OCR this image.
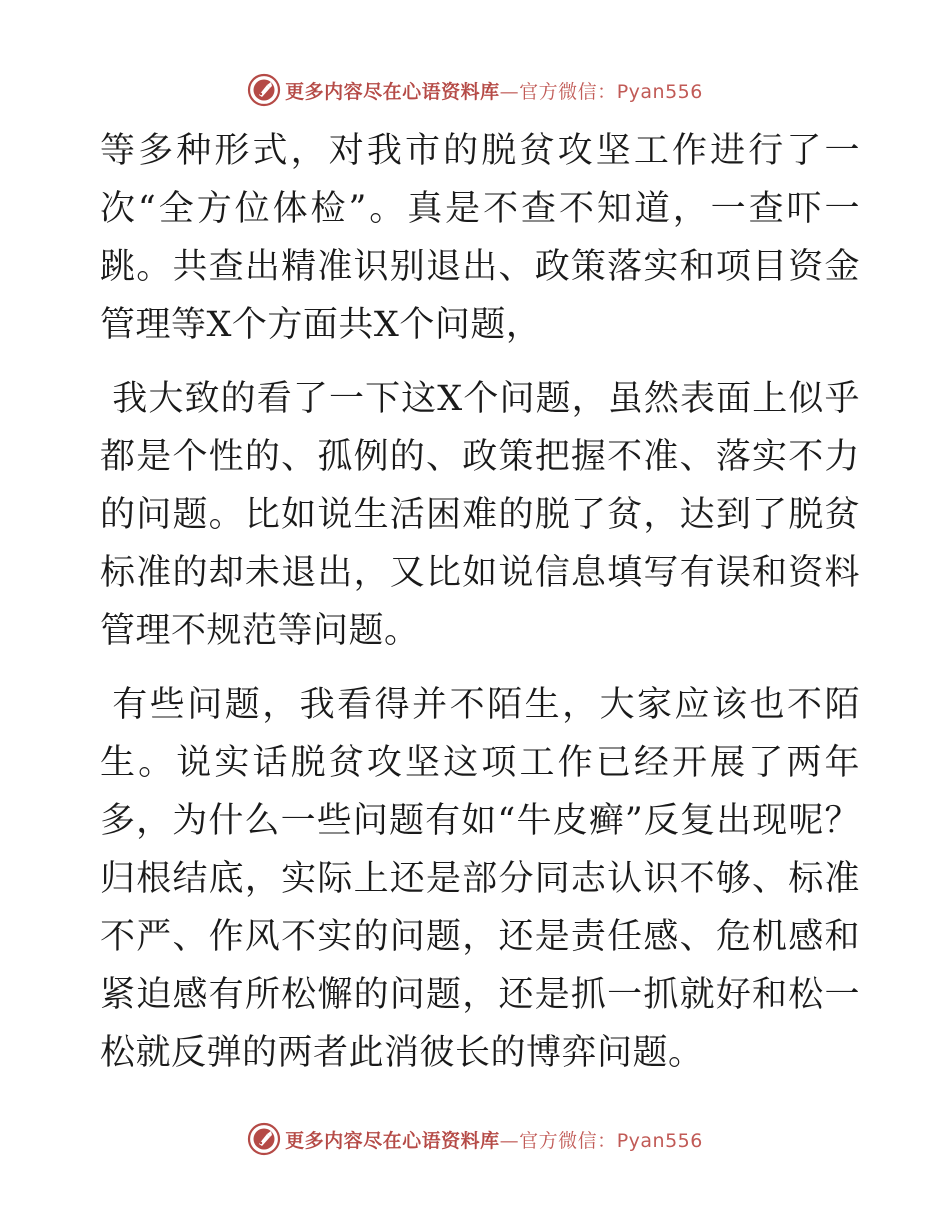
更多内容尽在心语资料库—官方微信：Pyan556

等多种形式，对我市的脱贫攻坚工作进行了一次“全方位体检”。真是不查不知道，一查吓一跳。共查出精准识别退出、政策落实和项目资金管理等X个方面共X个问题，

我大致的看了一下这X个问题，虽然表面上似乎都是个性的、孤例的、政策把握不准、落实不力的问题。比如说生活困难的脱了贫，达到了脱贫标准的却未退出，又比如说信息填写有误和资料管理不规范等问题。

有些问题，我看得并不陌生，大家应该也不陌生。说实话脱贫攻坚这项工作已经开展了两年多，为什么一些问题有如“牛皮癣”反复出现呢？归根结底，实际上还是部分同志认识不够、标准不严、作风不实的问题，还是责任感、危机感和紧迫感有所松懈的问题，还是抓一抓就好和松一松就反弹的两者此消彼长的博弈问题。

更多内容尽在心语资料库—官方微信：Pyan556
